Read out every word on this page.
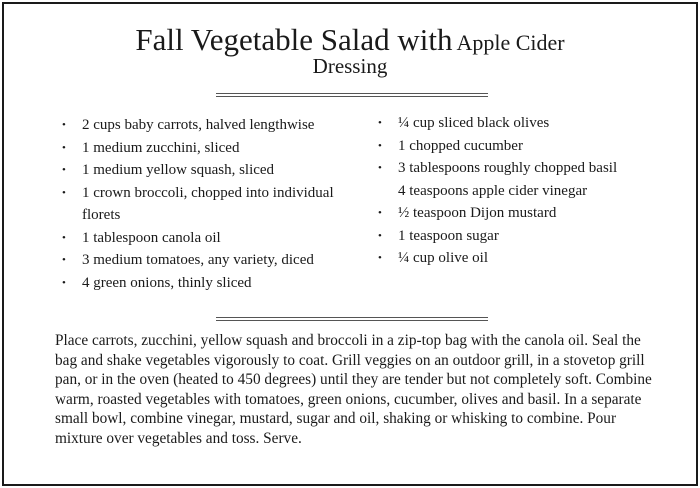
Fall Vegetable Salad with Apple Cider
Dressing
• 2 cups baby carrots, halved lengthwise
• 1 medium zucchini, sliced
• 1 medium yellow squash, sliced
• 1 crown broccoli, chopped into individual florets
• 1 tablespoon canola oil
• 3 medium tomatoes, any variety, diced
• 4 green onions, thinly sliced
• ¼ cup sliced black olives
• 1 chopped cucumber
• 3 tablespoons roughly chopped basil
4 teaspoons apple cider vinegar
• ½ teaspoon Dijon mustard
• 1 teaspoon sugar
• ¼ cup olive oil

Place carrots, zucchini, yellow squash and broccoli in a zip-top bag with the canola oil. Seal the bag and shake vegetables vigorously to coat. Grill veggies on an outdoor grill, in a stovetop grill pan, or in the oven (heated to 450 degrees) until they are tender but not completely soft. Combine warm, roasted vegetables with tomatoes, green onions, cucumber, olives and basil. In a separate small bowl, combine vinegar, mustard, sugar and oil, shaking or whisking to combine. Pour mixture over vegetables and toss. Serve.
